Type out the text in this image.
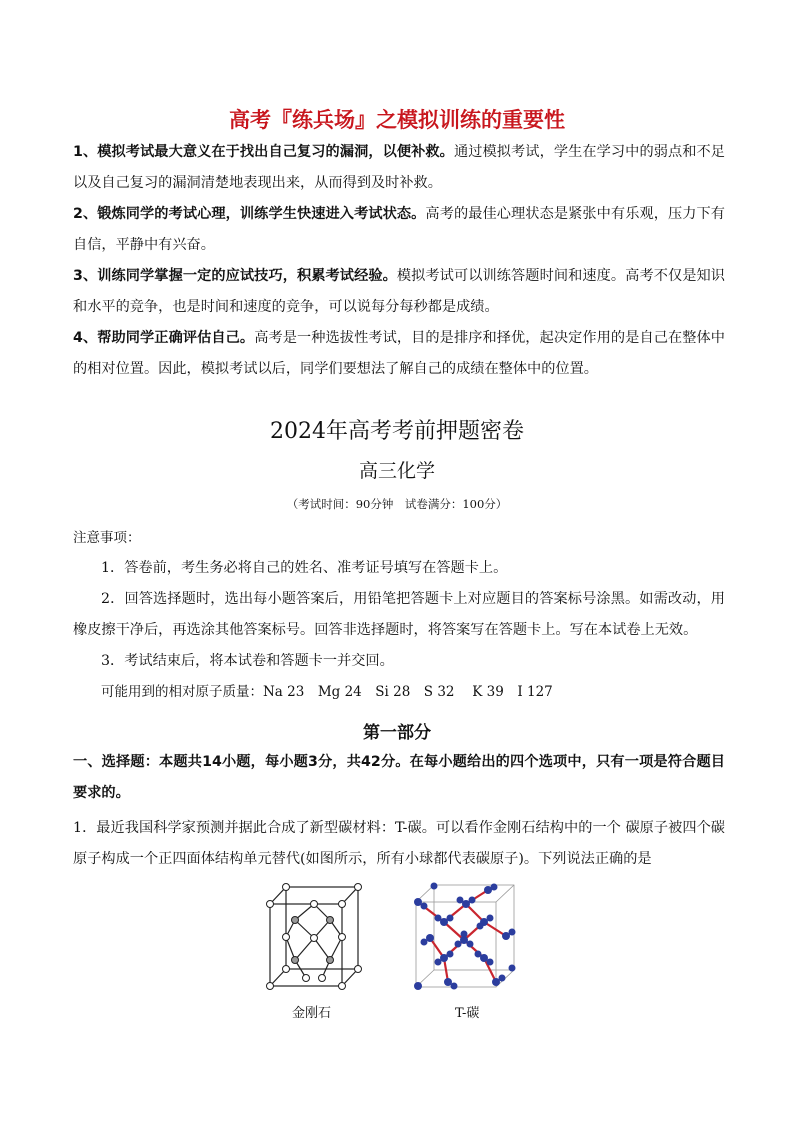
高考『练兵场』之模拟训练的重要性
1、模拟考试最大意义在于找出自己复习的漏洞，以便补救。通过模拟考试，学生在学习中的弱点和不足以及自己复习的漏洞清楚地表现出来，从而得到及时补救。
2、锻炼同学的考试心理，训练学生快速进入考试状态。高考的最佳心理状态是紧张中有乐观，压力下有自信，平静中有兴奋。
3、训练同学掌握一定的应试技巧，积累考试经验。模拟考试可以训练答题时间和速度。高考不仅是知识和水平的竞争，也是时间和速度的竞争，可以说每分每秒都是成绩。
4、帮助同学正确评估自己。高考是一种选拔性考试，目的是排序和择优，起决定作用的是自己在整体中的相对位置。因此，模拟考试以后，同学们要想法了解自己的成绩在整体中的位置。
2024年高考考前押题密卷
高三化学
（考试时间：90分钟　试卷满分：100分）
注意事项：
1．答卷前，考生务必将自己的姓名、准考证号填写在答题卡上。
2．回答选择题时，选出每小题答案后，用铅笔把答题卡上对应题目的答案标号涂黑。如需改动，用橡皮擦干净后，再选涂其他答案标号。回答非选择题时，将答案写在答题卡上。写在本试卷上无效。
3．考试结束后，将本试卷和答题卡一并交回。
可能用到的相对原子质量：Na 23　Mg 24　Si 28　S 32　 K 39　I 127
第一部分
一、选择题：本题共14小题，每小题3分，共42分。在每小题给出的四个选项中，只有一项是符合题目要求的。
1．最近我国科学家预测并据此合成了新型碳材料：T-碳。可以看作金刚石结构中的一个 碳原子被四个碳原子构成一个正四面体结构单元替代(如图所示，所有小球都代表碳原子)。下列说法正确的是
金刚石	T-碳
